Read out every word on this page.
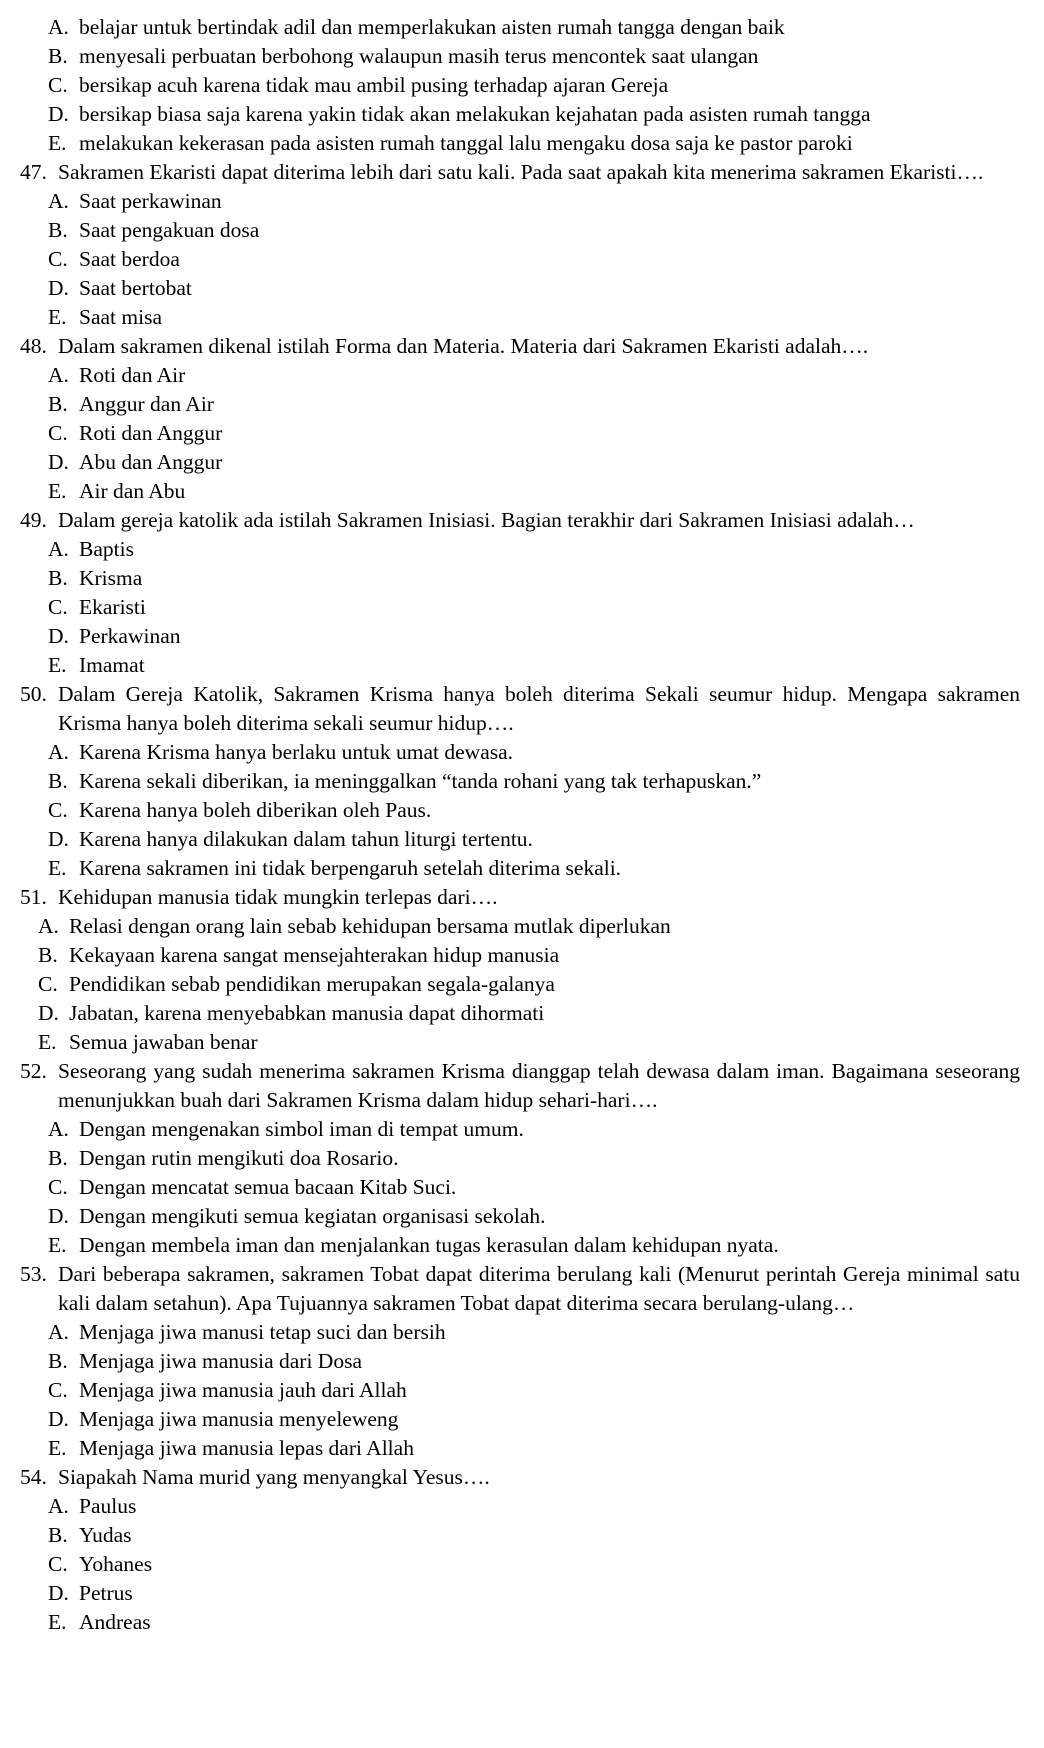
A. belajar untuk bertindak adil dan memperlakukan aisten rumah tangga dengan baik
B. menyesali perbuatan berbohong walaupun masih terus mencontek saat ulangan
C. bersikap acuh karena tidak mau ambil pusing terhadap ajaran Gereja
D. bersikap biasa saja karena yakin tidak akan melakukan kejahatan pada asisten rumah tangga
E. melakukan kekerasan pada asisten rumah tanggal lalu mengaku dosa saja ke pastor paroki
47. Sakramen Ekaristi dapat diterima lebih dari satu kali. Pada saat apakah kita menerima sakramen Ekaristi….
A. Saat perkawinan
B. Saat pengakuan dosa
C. Saat berdoa
D. Saat bertobat
E. Saat misa
48. Dalam sakramen dikenal istilah Forma dan Materia. Materia dari Sakramen Ekaristi adalah….
A. Roti dan Air
B. Anggur dan Air
C. Roti dan Anggur
D. Abu dan Anggur
E. Air dan Abu
49. Dalam gereja katolik ada istilah Sakramen Inisiasi. Bagian terakhir dari Sakramen Inisiasi adalah…
A. Baptis
B. Krisma
C. Ekaristi
D. Perkawinan
E. Imamat
50. Dalam Gereja Katolik, Sakramen Krisma hanya boleh diterima Sekali seumur hidup. Mengapa sakramen Krisma hanya boleh diterima sekali seumur hidup….
A. Karena Krisma hanya berlaku untuk umat dewasa.
B. Karena sekali diberikan, ia meninggalkan “tanda rohani yang tak terhapuskan.”
C. Karena hanya boleh diberikan oleh Paus.
D. Karena hanya dilakukan dalam tahun liturgi tertentu.
E. Karena sakramen ini tidak berpengaruh setelah diterima sekali.
51. Kehidupan manusia tidak mungkin terlepas dari….
A. Relasi dengan orang lain sebab kehidupan bersama mutlak diperlukan
B. Kekayaan karena sangat mensejahterakan hidup manusia
C. Pendidikan sebab pendidikan merupakan segala-galanya
D. Jabatan, karena menyebabkan manusia dapat dihormati
E. Semua jawaban benar
52. Seseorang yang sudah menerima sakramen Krisma dianggap telah dewasa dalam iman. Bagaimana seseorang menunjukkan buah dari Sakramen Krisma dalam hidup sehari-hari….
A. Dengan mengenakan simbol iman di tempat umum.
B. Dengan rutin mengikuti doa Rosario.
C. Dengan mencatat semua bacaan Kitab Suci.
D. Dengan mengikuti semua kegiatan organisasi sekolah.
E. Dengan membela iman dan menjalankan tugas kerasulan dalam kehidupan nyata.
53. Dari beberapa sakramen, sakramen Tobat dapat diterima berulang kali (Menurut perintah Gereja minimal satu kali dalam setahun). Apa Tujuannya sakramen Tobat dapat diterima secara berulang-ulang…
A. Menjaga jiwa manusi tetap suci dan bersih
B. Menjaga jiwa manusia dari Dosa
C. Menjaga jiwa manusia jauh dari Allah
D. Menjaga jiwa manusia menyeleweng
E. Menjaga jiwa manusia lepas dari Allah
54. Siapakah Nama murid yang menyangkal Yesus….
A. Paulus
B. Yudas
C. Yohanes
D. Petrus
E. Andreas
